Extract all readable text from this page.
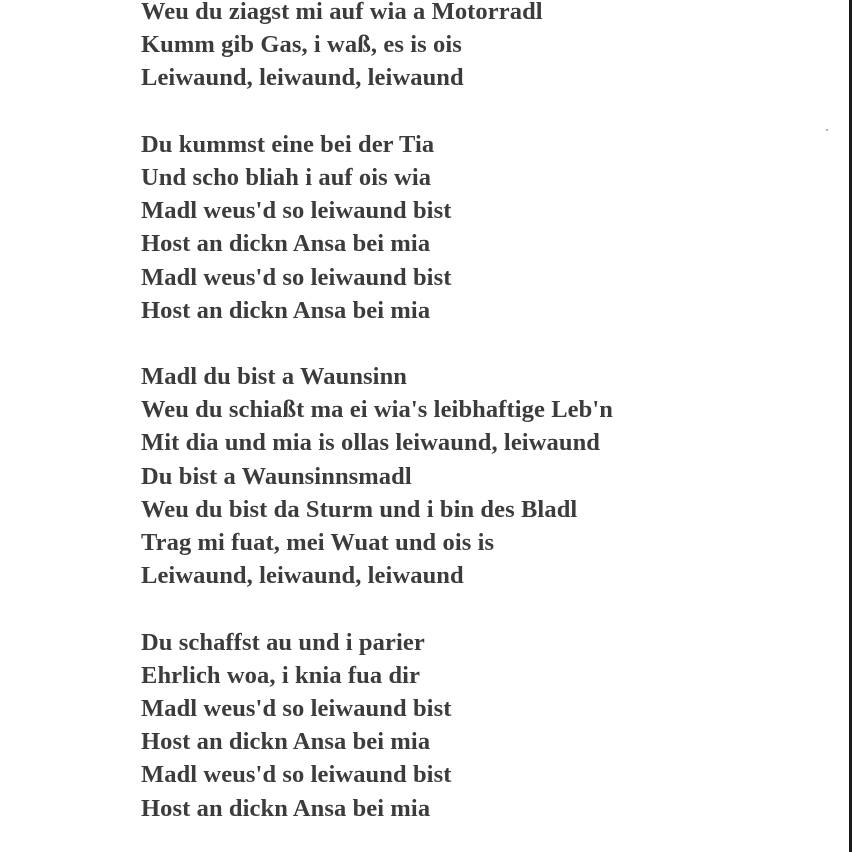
Weu du ziagst mi auf wia a Motorradl
Kumm gib Gas, i waß, es is ois
Leiwaund, leiwaund, leiwaund
Du kummst eine bei der Tia
Und scho bliah i auf ois wia
Madl weus'd so leiwaund bist
Host an dickn Ansa bei mia
Madl weus'd so leiwaund bist
Host an dickn Ansa bei mia
Madl du bist a Waunsinn
Weu du schiaßt ma ei wia's leibhaftige Leb'n
Mit dia und mia is ollas leiwaund, leiwaund
Du bist a Waunsinnsmadl
Weu du bist da Sturm und i bin des Bladl
Trag mi fuat, mei Wuat und ois is
Leiwaund, leiwaund, leiwaund
Du schaffst au und i parier
Ehrlich woa, i knia fua dir
Madl weus'd so leiwaund bist
Host an dickn Ansa bei mia
Madl weus'd so leiwaund bist
Host an dickn Ansa bei mia
